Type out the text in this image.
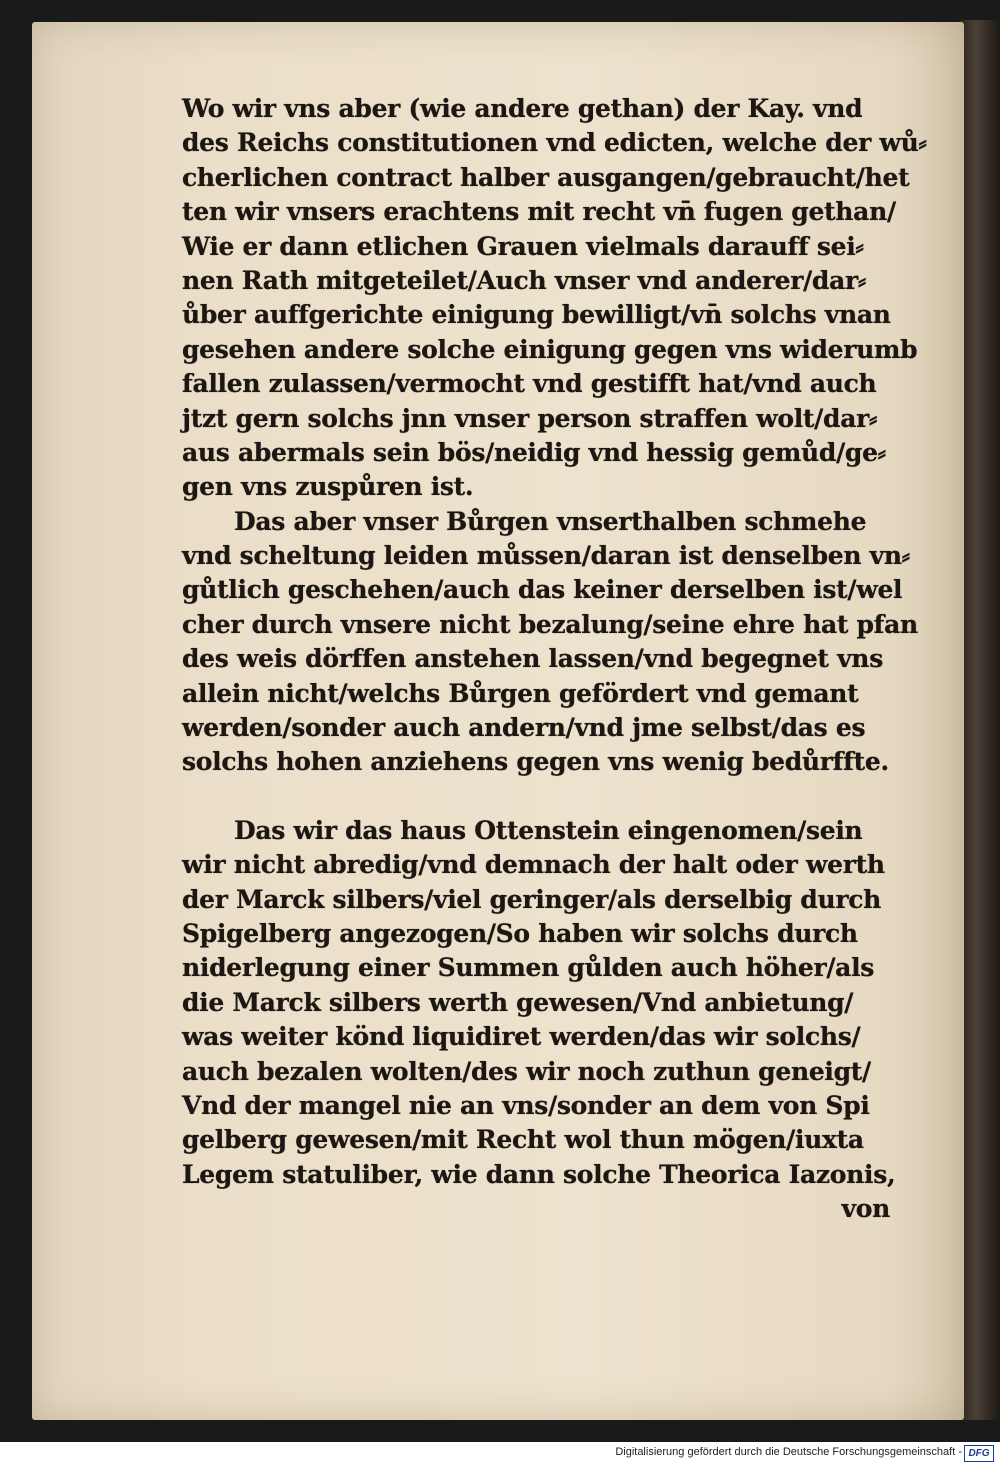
Wo wir vns aber (wie andere gethan) der Kay. vnd
des Reichs constitutionen vnd edicten, welche der wů⸗
cherlichen contract halber ausgangen/gebraucht/het
ten wir vnsers erachtens mit recht vn̄ fugen gethan/
Wie er dann etlichen Grauen vielmals darauff sei⸗
nen Rath mitgeteilet/Auch vnser vnd anderer/dar⸗
ůber auffgerichte einigung bewilligt/vn̄ solchs vnan
gesehen andere solche einigung gegen vns widerumb
fallen zulassen/vermocht vnd gestifft hat/vnd auch
jtzt gern solchs jnn vnser person straffen wolt/dar⸗
aus abermals sein bös/neidig vnd hessig gemůd/ge⸗
gen vns zuspůren ist.
Das aber vnser Bůrgen vnserthalben schmehe
vnd scheltung leiden můssen/daran ist denselben vn⸗
gůtlich geschehen/auch das keiner derselben ist/wel
cher durch vnsere nicht bezalung/seine ehre hat pfan
des weis dörffen anstehen lassen/vnd begegnet vns
allein nicht/welchs Bůrgen gefördert vnd gemant
werden/sonder auch andern/vnd jme selbst/das es
solchs hohen anziehens gegen vns wenig bedůrffte.
Das wir das haus Ottenstein eingenomen/sein
wir nicht abredig/vnd demnach der halt oder werth
der Marck silbers/viel geringer/als derselbig durch
Spigelberg angezogen/So haben wir solchs durch
niderlegung einer Summen gůlden auch höher/als
die Marck silbers werth gewesen/Vnd anbietung/
was weiter könd liquidiret werden/das wir solchs/
auch bezalen wolten/des wir noch zuthun geneigt/
Vnd der mangel nie an vns/sonder an dem von Spi
gelberg gewesen/mit Recht wol thun mögen/iuxta
Legem statuliber, wie dann solche Theorica Iazonis,
von
Digitalisierung gefördert durch die Deutsche Forschungsgemeinschaft - DFG
